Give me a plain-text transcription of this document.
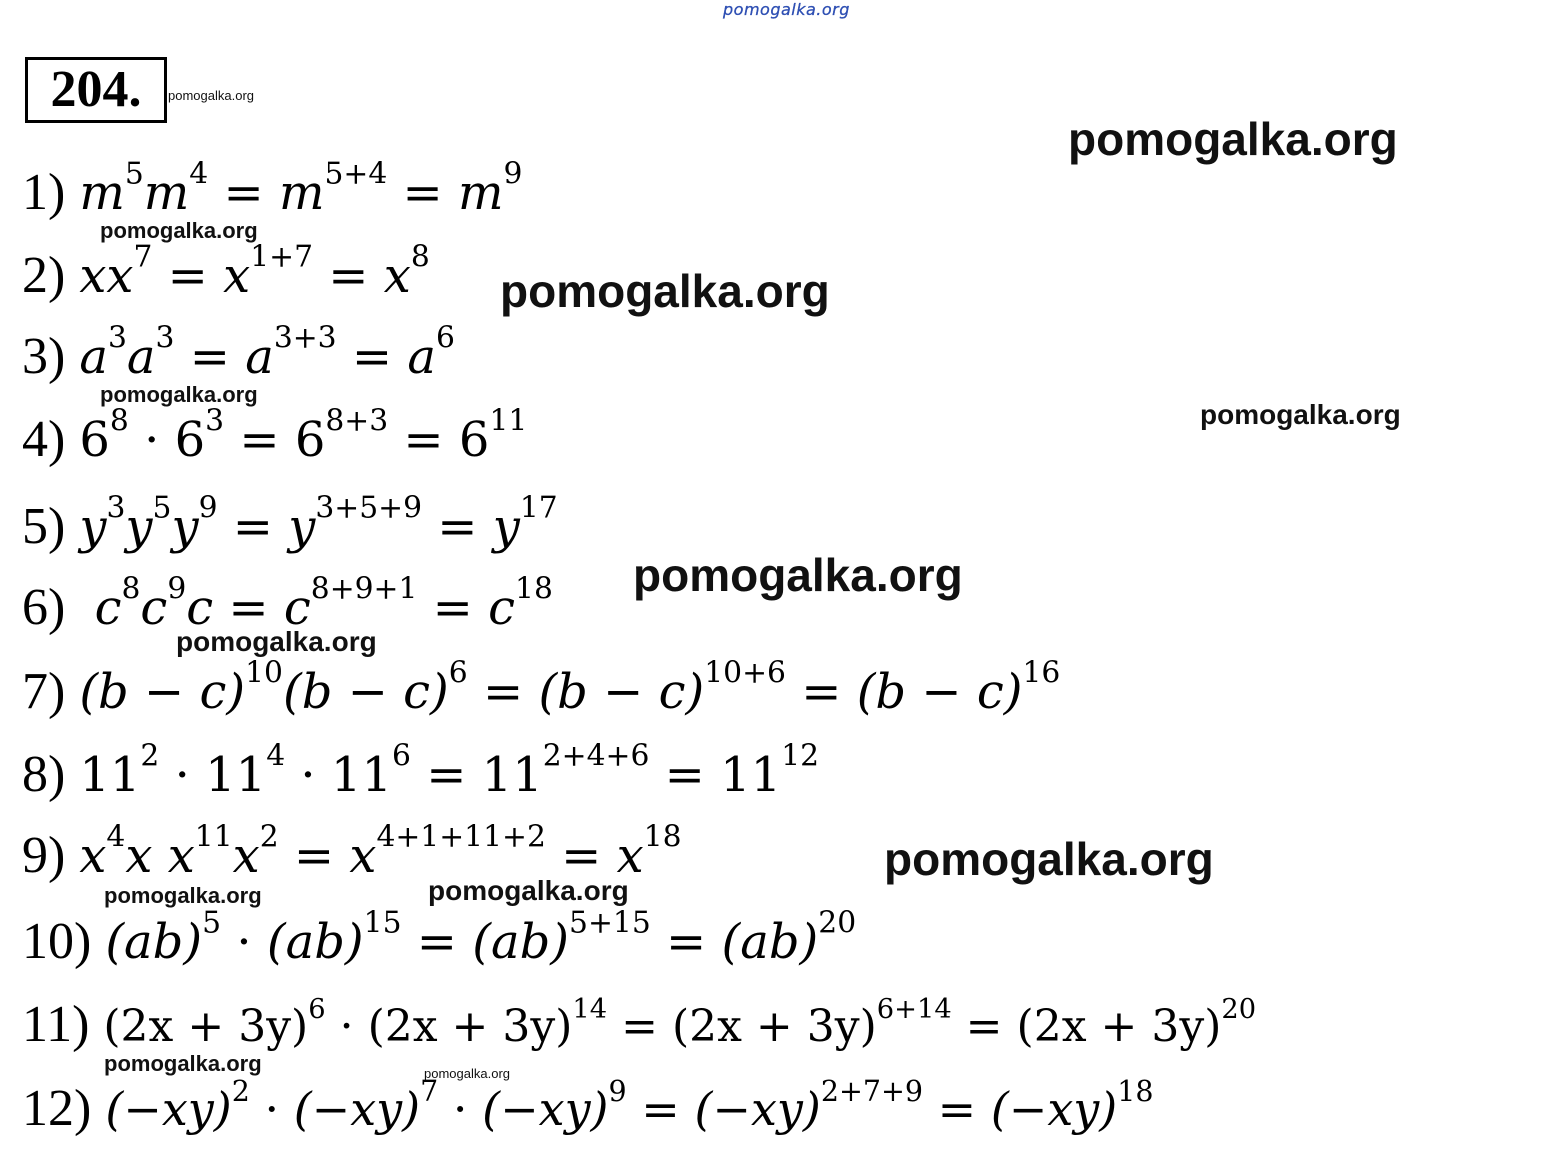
pomogalka.org
204.	pomogalka.org
pomogalka.org
pomogalka.org
pomogalka.org
pomogalka.org
pomogalka.org
pomogalka.org
pomogalka.org
pomogalka.org
pomogalka.org	pomogalka.org
pomogalka.org	pomogalka.org
1) $m^5m^4 = m^{5+4} = m^9$
2) $xx^7 = x^{1+7} = x^8$
3) $a^3a^3 = a^{3+3} = a^6$
4) $6^8 \cdot 6^3 = 6^{8+3} = 6^{11}$
5) $y^3y^5y^9 = y^{3+5+9} = y^{17}$
6) $c^8c^9c = c^{8+9+1} = c^{18}$
7) $(b - c)^{10}(b - c)^6 = (b - c)^{10+6} = (b - c)^{16}$
8) $11^2 \cdot 11^4 \cdot 11^6 = 11^{2+4+6} = 11^{12}$
9) $x^4x$ $x^{11}x^2 = x^{4+1+11+2} = x^{18}$
10) (ab)$^5$ · (ab)$^{15}$ = (ab)$^{5+15}$ = (ab)$^{20}$
11) $(2x + 3y)^6 \cdot (2x + 3y)^{14} = (2x + 3y)^{6+14} = (2x + 3y)^{20}$
12) $(-xy)^2 \cdot (-xy)^7 \cdot (-xy)^9 = (-xy)^{2+7+9} = (-xy)^{18}$
